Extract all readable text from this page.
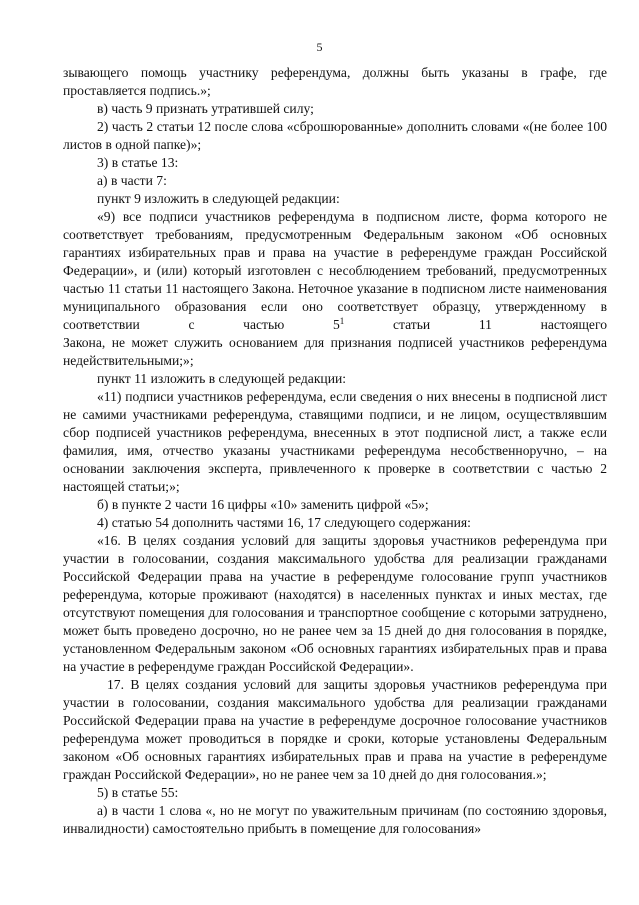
5

зывающего помощь участнику референдума, должны быть указаны в графе, где проставляется подпись.»;

в) часть 9 признать утратившей силу;

2) часть 2 статьи 12 после слова «сброшюрованные» дополнить словами «(не более 100 листов в одной папке)»;

3) в статье 13:

а) в части 7:

пункт 9 изложить в следующей редакции:

«9) все подписи участников референдума в подписном листе, форма которого не соответствует требованиям, предусмотренным Федеральным законом «Об основных гарантиях избирательных прав и права на участие в референдуме граждан Российской Федерации», и (или) который изготовлен с несоблюдением требований, предусмотренных частью 11 статьи 11 настоящего Закона. Неточное указание в подписном листе наименования муниципального образования если оно соответствует образцу, утвержденному в соответствии с частью $5^1$ статьи 11 настоящего

Закона, не может служить основанием для признания подписей участников референдума недействительными;»;

пункт 11 изложить в следующей редакции:

«11) подписи участников референдума, если сведения о них внесены в подписной лист не самими участниками референдума, ставящими подписи, и не лицом, осуществлявшим сбор подписей участников референдума, внесенных в этот подписной лист, а также если фамилия, имя, отчество указаны участниками референдума несобственноручно, – на основании заключения эксперта, привлеченного к проверке в соответствии с частью 2 настоящей статьи;»;

б) в пункте 2 части 16 цифры «10» заменить цифрой «5»;

4) статью 54 дополнить частями 16, 17 следующего содержания:

«16. В целях создания условий для защиты здоровья участников референдума при участии в голосовании, создания максимального удобства для реализации гражданами Российской Федерации права на участие в референдуме голосование групп участников референдума, которые проживают (находятся) в населенных пунктах и иных местах, где отсутствуют помещения для голосования и транспортное сообщение с которыми затруднено, может быть проведено досрочно, но не ранее чем за 15 дней до дня голосования в порядке, установленном Федеральным законом «Об основных гарантиях избирательных прав и права на участие в референдуме граждан Российской Федерации».

17. В целях создания условий для защиты здоровья участников референдума при участии в голосовании, создания максимального удобства для реализации гражданами Российской Федерации права на участие в референдуме досрочное голосование участников референдума может проводиться в порядке и сроки, которые установлены Федеральным законом «Об основных гарантиях избирательных прав и права на участие в референдуме граждан Российской Федерации», но не ранее чем за 10 дней до дня голосования.»;

5) в статье 55:

а) в части 1 слова «, но не могут по уважительным причинам (по состоянию здоровья, инвалидности) самостоятельно прибыть в помещение для голосования»
